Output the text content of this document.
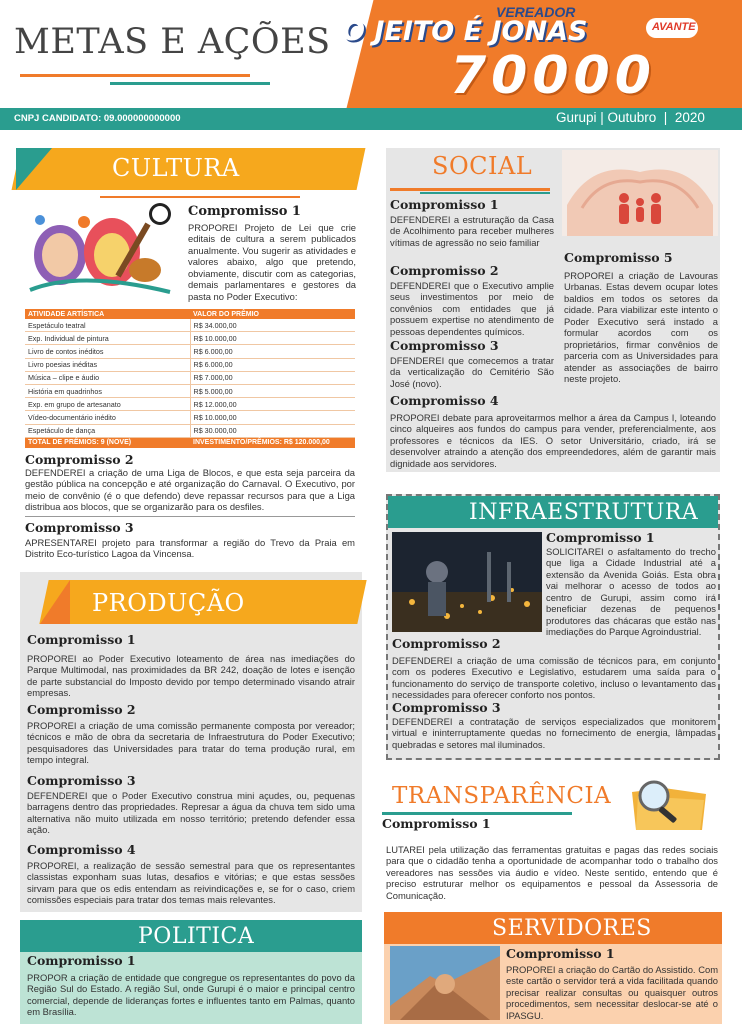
METAS E AÇÕES
VEREADOR
O JEITO É JONAS	AVANTE
70000
CNPJ CANDIDATO: 09.000000000000	Gurupi | Outubro  |  2020
CULTURA
Compromisso 1
PROPOREI Projeto de Lei que crie editais de cultura a serem publicados anualmente. Vou sugerir as atividades e valores abaixo, algo que pretendo, obviamente, discutir com as categorias, demais parlamentares e gestores da pasta no Poder Executivo:
ATIVIDADE ARTÍSTICA	VALOR DO PRÊMIO
Espetáculo teatral	R$ 34.000,00
Exp. Individual de pintura	R$ 10.000,00
Livro de contos inéditos	R$ 6.000,00
Livro poesias inéditas	R$ 6.000,00
Música – clipe e áudio	R$ 7.000,00
História em quadrinhos	R$ 5.000,00
Exp. em grupo de artesanato	R$ 12.000,00
Vídeo-documentário inédito	R$ 10.000,00
Espetáculo de dança	R$ 30.000,00
TOTAL DE PRÊMIOS: 9 (NOVE)	INVESTIMENTO/PRÊMIOS: R$ 120.000,00
Compromisso 2
DEFENDEREI a criação de uma Liga de Blocos, e que esta seja parceira da gestão pública na concepção e até organização do Carnaval. O Executivo, por meio de convênio (é o que defendo) deve repassar recursos para que a Liga distribua aos blocos, que se organizarão para os desfiles.
Compromisso 3
APRESENTAREI projeto para transformar a região do Trevo da Praia em Distrito Eco-turístico Lagoa da Vincensa.
PRODUÇÃO
Compromisso 1
PROPOREI ao Poder Executivo loteamento de área nas imediações do Parque Multimodal, nas proximidades da BR 242, doação de lotes e isenção de parte substancial do Imposto devido por tempo determinado visando atrair empresas.
Compromisso 2
PROPOREI a criação de uma comissão permanente composta por vereador; técnicos e mão de obra da secretaria de Infraestrutura do Poder Executivo; pesquisadores das Universidades para tratar do tema produção rural, em tempo integral.
Compromisso 3
DEFENDEREI que o Poder Executivo construa mini açudes, ou, pequenas barragens dentro das propriedades. Represar a água da chuva tem sido uma alternativa não muito utilizada em nosso território; pretendo defender essa ação.
Compromisso 4
PROPOREI, a realização de sessão semestral para que os representantes classistas exponham suas lutas, desafios e vitórias; e que estas sessões sirvam para que os edis entendam as reivindicações e, se for o caso, criem comissões especiais para tratar dos temas mais relevantes.
POLITICA
Compromisso 1
PROPOR a criação de entidade que congregue os representantes do povo da Região Sul do Estado. A região Sul, onde Gurupi é o maior e principal centro comercial, depende de lideranças fortes e influentes tanto em Palmas, quanto em Brasília.
SOCIAL
Compromisso 1
DEFENDEREI a estruturação da Casa de Acolhimento para receber mulheres vítimas de agressão no seio familiar
Compromisso 2
DEFENDEREI que o Executivo amplie seus investimentos por meio de convênios com entidades que já possuem expertise no atendimento de pessoas dependentes químicos.
Compromisso 3
DFENDEREI que comecemos a tratar da verticalização do Cemitério São José (novo).
Compromisso 5
PROPOREI a criação de Lavouras Urbanas. Estas devem ocupar lotes baldios em todos os setores da cidade. Para viabilizar este intento o Poder Executivo será instado a formular acordos com os proprietários, firmar convênios de parceria com as Universidades para atender as associações de bairro neste projeto.
Compromisso 4
PROPOREI debate para aproveitarmos melhor a área da Campus I, loteando cinco alqueires aos fundos do campus para vender, preferencialmente, aos professores e técnicos da IES. O setor Universitário, criado, irá se desenvolver atraindo a atenção dos empreendedores, além de garantir mais dignidade aos servidores.
INFRAESTRUTURA
Compromisso 1
SOLICITAREI o asfaltamento do trecho que liga a Cidade Industrial até a extensão da Avenida Goiás. Esta obra vai melhorar o acesso de todos ao centro de Gurupi, assim como irá beneficiar dezenas de pequenos produtores das chácaras que estão nas imediações do Parque Agroindustrial.
Compromisso 2
DEFENDEREI a criação de uma comissão de técnicos para, em conjunto com os poderes Executivo e Legislativo, estudarem uma saída para o funcionamento do serviço de transporte coletivo, incluso o levantamento das necessidades para oferecer conforto nos pontos.
Compromisso 3
DEFENDEREI a contratação de serviços especializados que monitorem virtual e ininterruptamente quedas no fornecimento de energia, lâmpadas quebradas e setores mal iluminados.
TRANSPARÊNCIA
Compromisso 1
LUTAREI pela utilização das ferramentas gratuitas e pagas das redes sociais para que o cidadão tenha a oportunidade de acompanhar todo o trabalho dos vereadores nas sessões via áudio e vídeo. Neste sentido, entendo que é preciso estruturar melhor os equipamentos e pessoal da Assessoria de Comunicação.
SERVIDORES
Compromisso 1
PROPOREI a criação do Cartão do Assistido. Com este cartão o servidor terá a vida facilitada quando precisar realizar consultas ou quaisquer outros procedimentos, sem necessitar deslocar-se até o IPASGU.
